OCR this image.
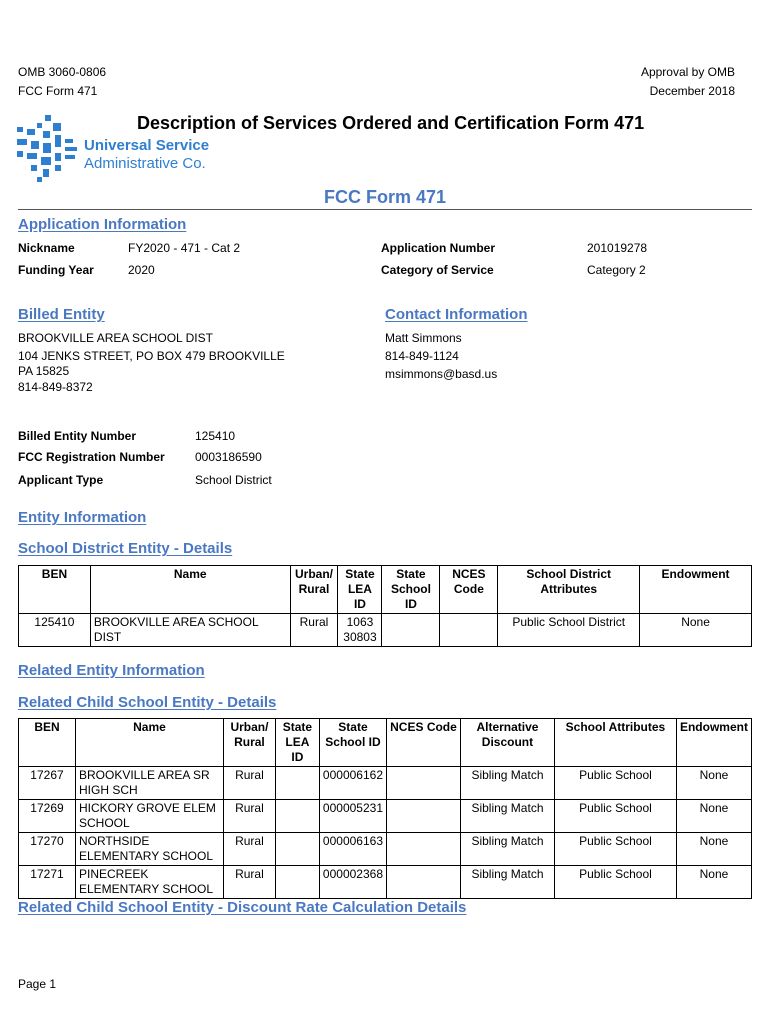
OMB 3060-0806
FCC Form 471
Approval by OMB
December 2018
Universal Service
Administrative Co.
Description of Services Ordered and Certification Form 471
FCC Form 471
Application Information
Nickname	FY2020 - 471 - Cat 2
Funding Year	2020
Application Number	201019278
Category of Service	Category 2
Billed Entity
BROOKVILLE AREA SCHOOL DIST
104 JENKS STREET, PO BOX 479 BROOKVILLE
PA 15825
814-849-8372
Contact Information
Matt Simmons
814-849-1124
msimmons@basd.us
Billed Entity Number	125410
FCC Registration Number	0003186590
Applicant Type	School District
Entity Information
School District Entity - Details
BEN	Name	Urban/ Rural	State LEA ID	State School ID	NCES Code	School District Attributes	Endowment
125410	BROOKVILLE AREA SCHOOL DIST	Rural	1063 30803			Public School District	None
Related Entity Information
Related Child School Entity - Details
BEN	Name	Urban/ Rural	State LEA ID	State School ID	NCES Code	Alternative Discount	School Attributes	Endowment
17267	BROOKVILLE AREA SR HIGH SCH	Rural		000006162		Sibling Match	Public School	None
17269	HICKORY GROVE ELEM SCHOOL	Rural		000005231		Sibling Match	Public School	None
17270	NORTHSIDE ELEMENTARY SCHOOL	Rural		000006163		Sibling Match	Public School	None
17271	PINECREEK ELEMENTARY SCHOOL	Rural		000002368		Sibling Match	Public School	None
Related Child School Entity - Discount Rate Calculation Details
Page 1
